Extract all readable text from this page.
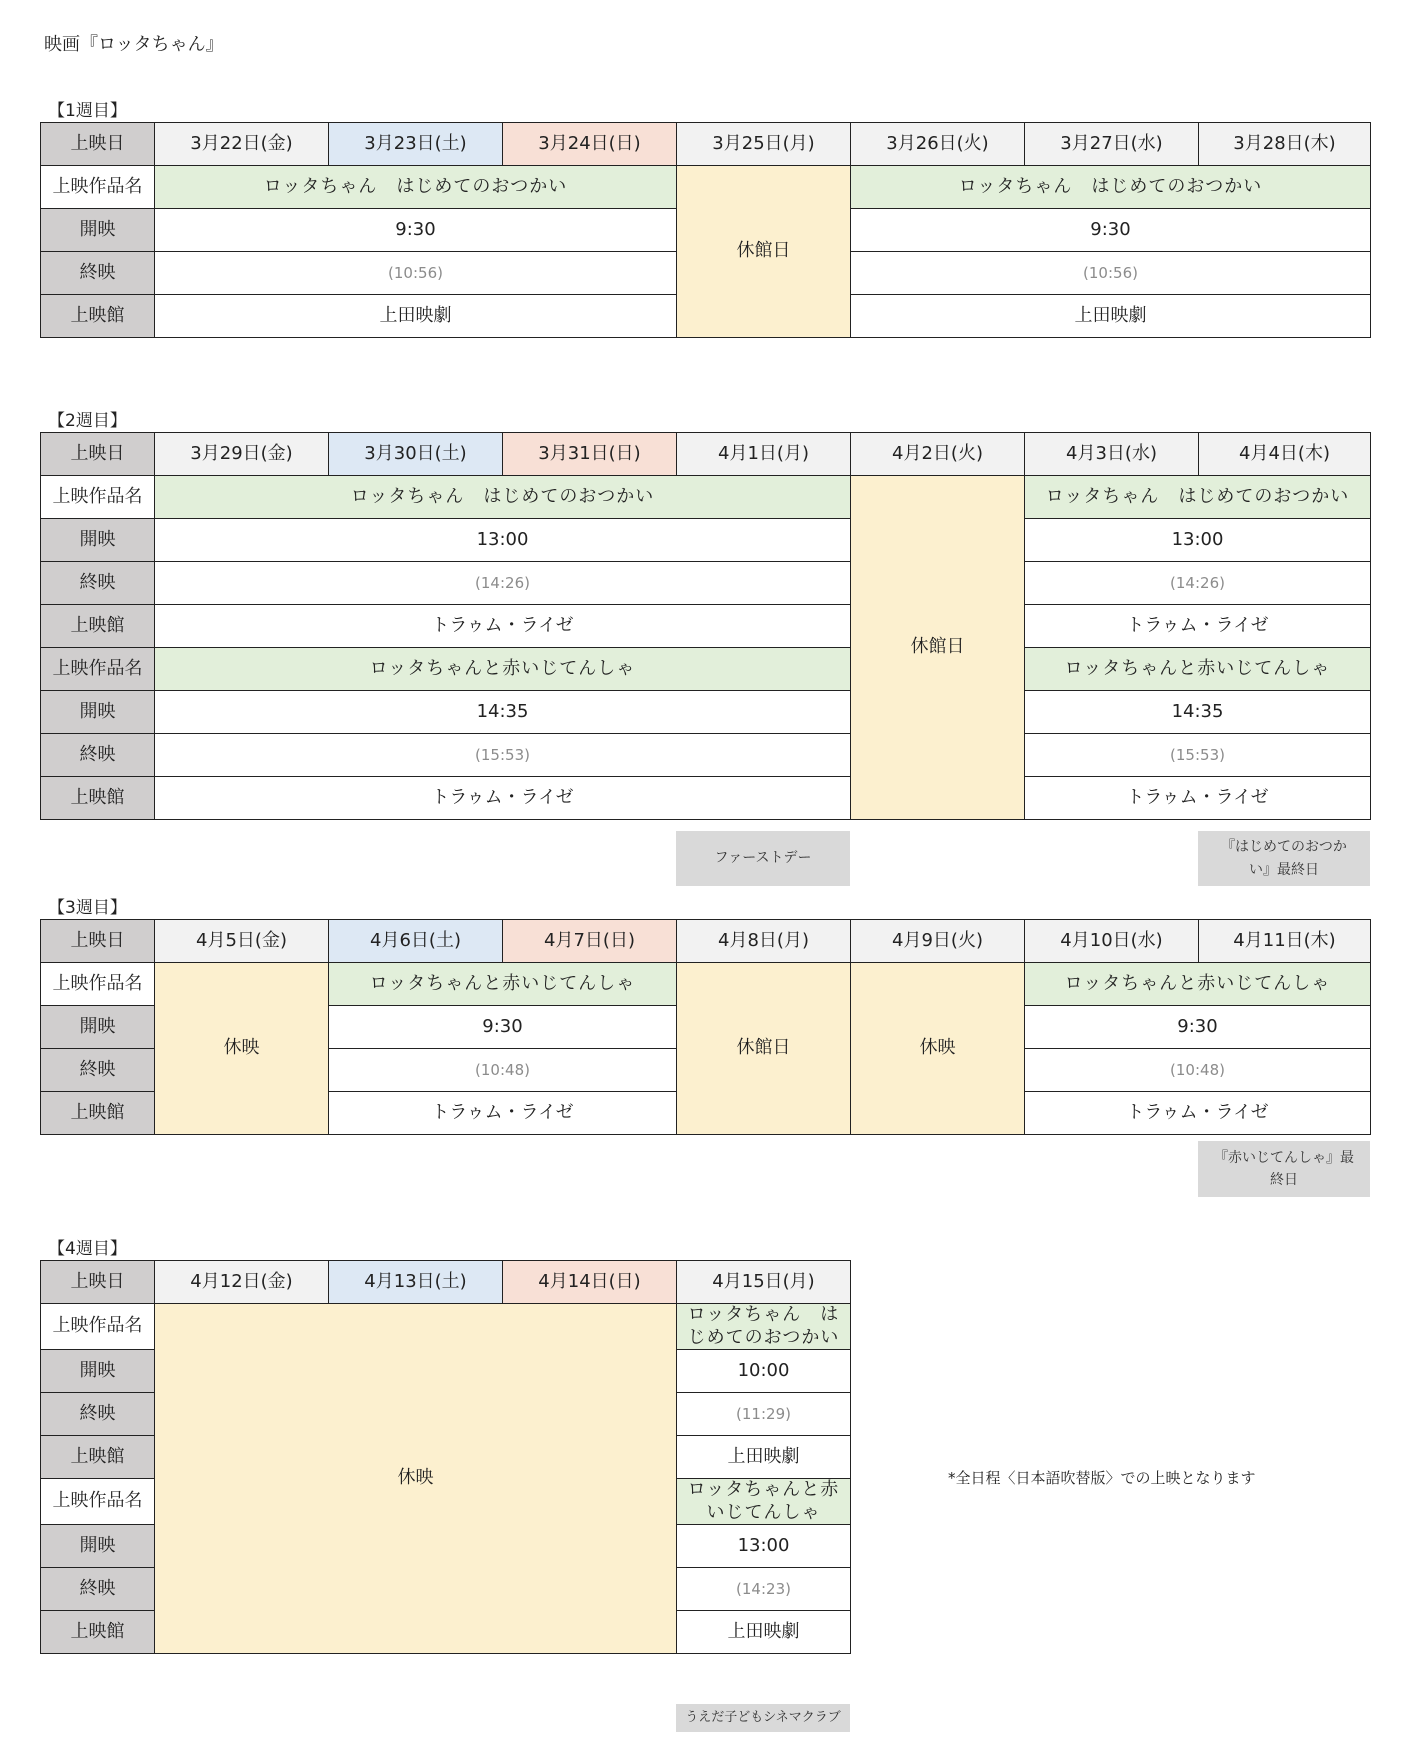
映画『ロッタちゃん』
【1週目】
上映日	3月22日(金)	3月23日(土)	3月24日(日)	3月25日(月)	3月26日(火)	3月27日(水)	3月28日(木)
上映作品名	ロッタちゃん　はじめてのおつかい			休館日	ロッタちゃん　はじめてのおつかい		
開映	9:30				9:30		
終映	(10:56)				(10:56)		
上映館	上田映劇				上田映劇		
【2週目】
上映日	3月29日(金)	3月30日(土)	3月31日(日)	4月1日(月)	4月2日(火)	4月3日(水)	4月4日(木)
上映作品名	ロッタちゃん　はじめてのおつかい				休館日	ロッタちゃん　はじめてのおつかい	
開映	13:00					13:00	
終映	(14:26)					(14:26)	
上映館	トラゥム・ライゼ					トラゥム・ライゼ	
上映作品名	ロッタちゃんと赤いじてんしゃ					ロッタちゃんと赤いじてんしゃ	
開映	14:35					14:35	
終映	(15:53)					(15:53)	
上映館	トラゥム・ライゼ					トラゥム・ライゼ	
ファーストデー
『はじめてのおつかい』最終日
【3週目】
上映日	4月5日(金)	4月6日(土)	4月7日(日)	4月8日(月)	4月9日(火)	4月10日(水)	4月11日(木)
上映作品名	休映	ロッタちゃんと赤いじてんしゃ		休館日	休映	ロッタちゃんと赤いじてんしゃ	
開映		9:30				9:30	
終映		(10:48)				(10:48)	
上映館		トラゥム・ライゼ				トラゥム・ライゼ	
『赤いじてんしゃ』最終日
【4週目】
上映日	4月12日(金)	4月13日(土)	4月14日(日)	4月15日(月)
上映作品名	休映			ロッタちゃん　はじめてのおつかい
開映				10:00
終映				(11:29)
上映館				上田映劇
上映作品名				ロッタちゃんと赤いじてんしゃ
開映				13:00
終映				(14:23)
上映館				上田映劇
うえだ子どもシネマクラブ
*全日程〈日本語吹替版〉での上映となります
